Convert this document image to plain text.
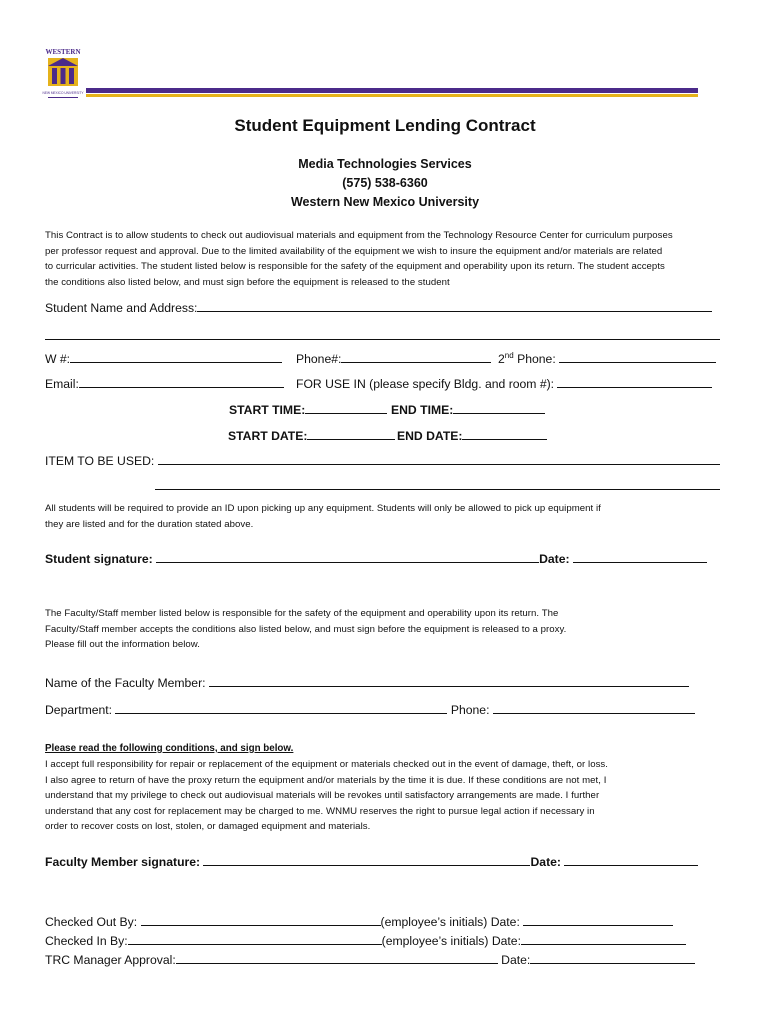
WESTERN
NEW MEXICO UNIVERSITY
Student Equipment Lending Contract
Media Technologies Services
(575) 538-6360
Western New Mexico University
This Contract is to allow students to check out audiovisual materials and equipment from the Technology Resource Center for curriculum purposes
per professor request and approval. Due to the limited availability of the equipment we wish to insure the equipment and/or materials are related
to curricular activities. The student listed below is responsible for the safety of the equipment and operability upon its return. The student accepts
the conditions also listed below, and must sign before the equipment is released to the student
Student Name and Address:
W #:	Phone#:	2nd Phone:
Email:	FOR USE IN (please specify Bldg. and room #):
START TIME:	END TIME:
START DATE:	END DATE:
ITEM TO BE USED:
All students will be required to provide an ID upon picking up any equipment. Students will only be allowed to pick up equipment if
they are listed and for the duration stated above.
Student signature:	Date:
The Faculty/Staff member listed below is responsible for the safety of the equipment and operability upon its return. The
Faculty/Staff member accepts the conditions also listed below, and must sign before the equipment is released to a proxy.
Please fill out the information below.
Name of the Faculty Member:
Department:	Phone:
Please read the following conditions, and sign below.
I accept full responsibility for repair or replacement of the equipment or materials checked out in the event of damage, theft, or loss.
I also agree to return of have the proxy return the equipment and/or materials by the time it is due. If these conditions are not met, I
understand that my privilege to check out audiovisual materials will be revokes until satisfactory arrangements are made. I further
understand that any cost for replacement may be charged to me. WNMU reserves the right to pursue legal action if necessary in
order to recover costs on lost, stolen, or damaged equipment and materials.
Faculty Member signature:	Date:
Checked Out By:	(employee’s initials) Date:
Checked In By:	(employee’s initials) Date:
TRC Manager Approval:	Date:
